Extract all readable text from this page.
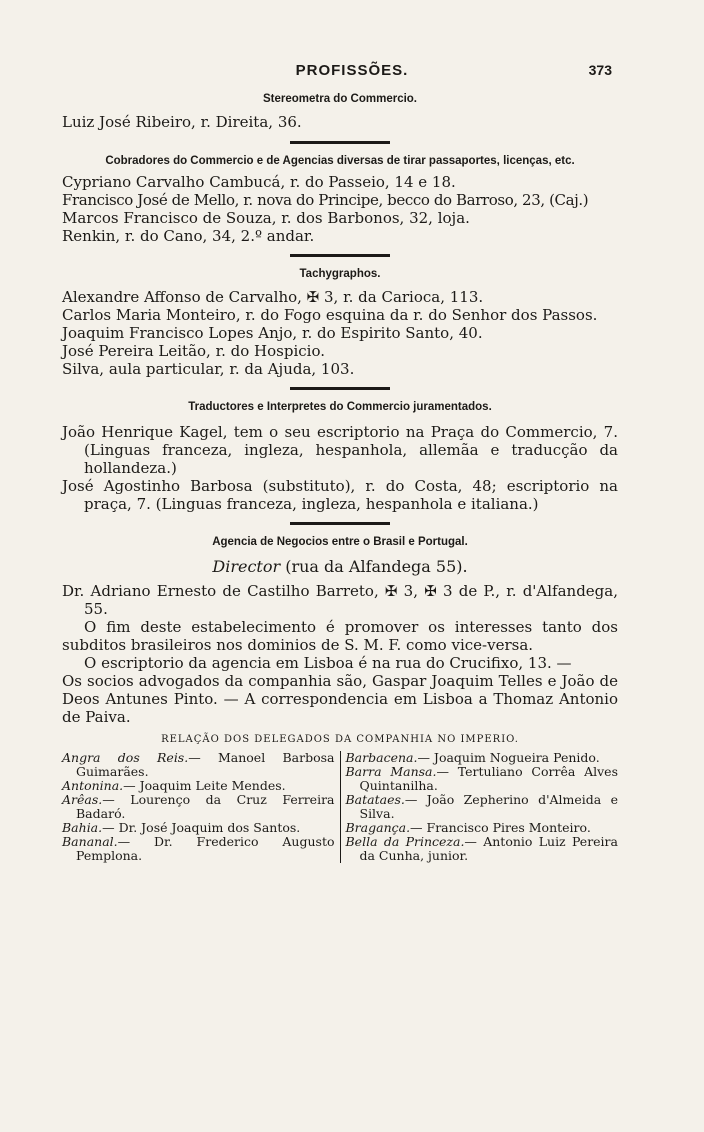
PROFISSÕES.	373
Stereometra do Commercio.
Luiz José Ribeiro, r. Direita, 36.
Cobradores do Commercio e de Agencias diversas de tirar passaportes, licenças, etc.
Cypriano Carvalho Cambucá, r. do Passeio, 14 e 18.
Francisco José de Mello, r. nova do Principe, becco do Barroso, 23, (Caj.)
Marcos Francisco de Souza, r. dos Barbonos, 32, loja.
Renkin, r. do Cano, 34, 2.º andar.
Tachygraphos.
Alexandre Affonso de Carvalho, ✠ 3, r. da Carioca, 113.
Carlos Maria Monteiro, r. do Fogo esquina da r. do Senhor dos Passos.
Joaquim Francisco Lopes Anjo, r. do Espirito Santo, 40.
José Pereira Leitão, r. do Hospicio.
Silva, aula particular, r. da Ajuda, 103.
Traductores e Interpretes do Commercio juramentados.
João Henrique Kagel, tem o seu escriptorio na Praça do Commercio, 7. (Linguas franceza, ingleza, hespanhola, allemãa e traducção da hollandeza.)
José Agostinho Barbosa (substituto), r. do Costa, 48; escriptorio na praça, 7. (Linguas franceza, ingleza, hespanhola e italiana.)
Agencia de Negocios entre o Brasil e Portugal.
Director (rua da Alfandega 55).
Dr. Adriano Ernesto de Castilho Barreto, ✠ 3, ✠ 3 de P., r. d'Alfandega, 55.
O fim deste estabelecimento é promover os interesses tanto dos subditos brasileiros nos dominios de S. M. F. como vice-versa.
O escriptorio da agencia em Lisboa é na rua do Crucifixo, 13. —
Os socios advogados da companhia são, Gaspar Joaquim Telles e João de Deos Antunes Pinto. — A correspondencia em Lisboa a Thomaz Antonio de Paiva.
RELAÇÃO DOS DELEGADOS DA COMPANHIA NO IMPERIO.
Angra dos Reis.— Manoel Barbosa Guimarães.
Antonina.— Joaquim Leite Mendes.
Arêas.— Lourenço da Cruz Ferreira Badaró.
Bahia.— Dr. José Joaquim dos Santos.
Bananal.— Dr. Frederico Augusto Pemplona.
Barbacena.— Joaquim Nogueira Penido.
Barra Mansa.— Tertuliano Corrêa Alves Quintanilha.
Batataes.— João Zepherino d'Almeida e Silva.
Bragança.— Francisco Pires Monteiro.
Bella da Princeza.— Antonio Luiz Pereira da Cunha, junior.
